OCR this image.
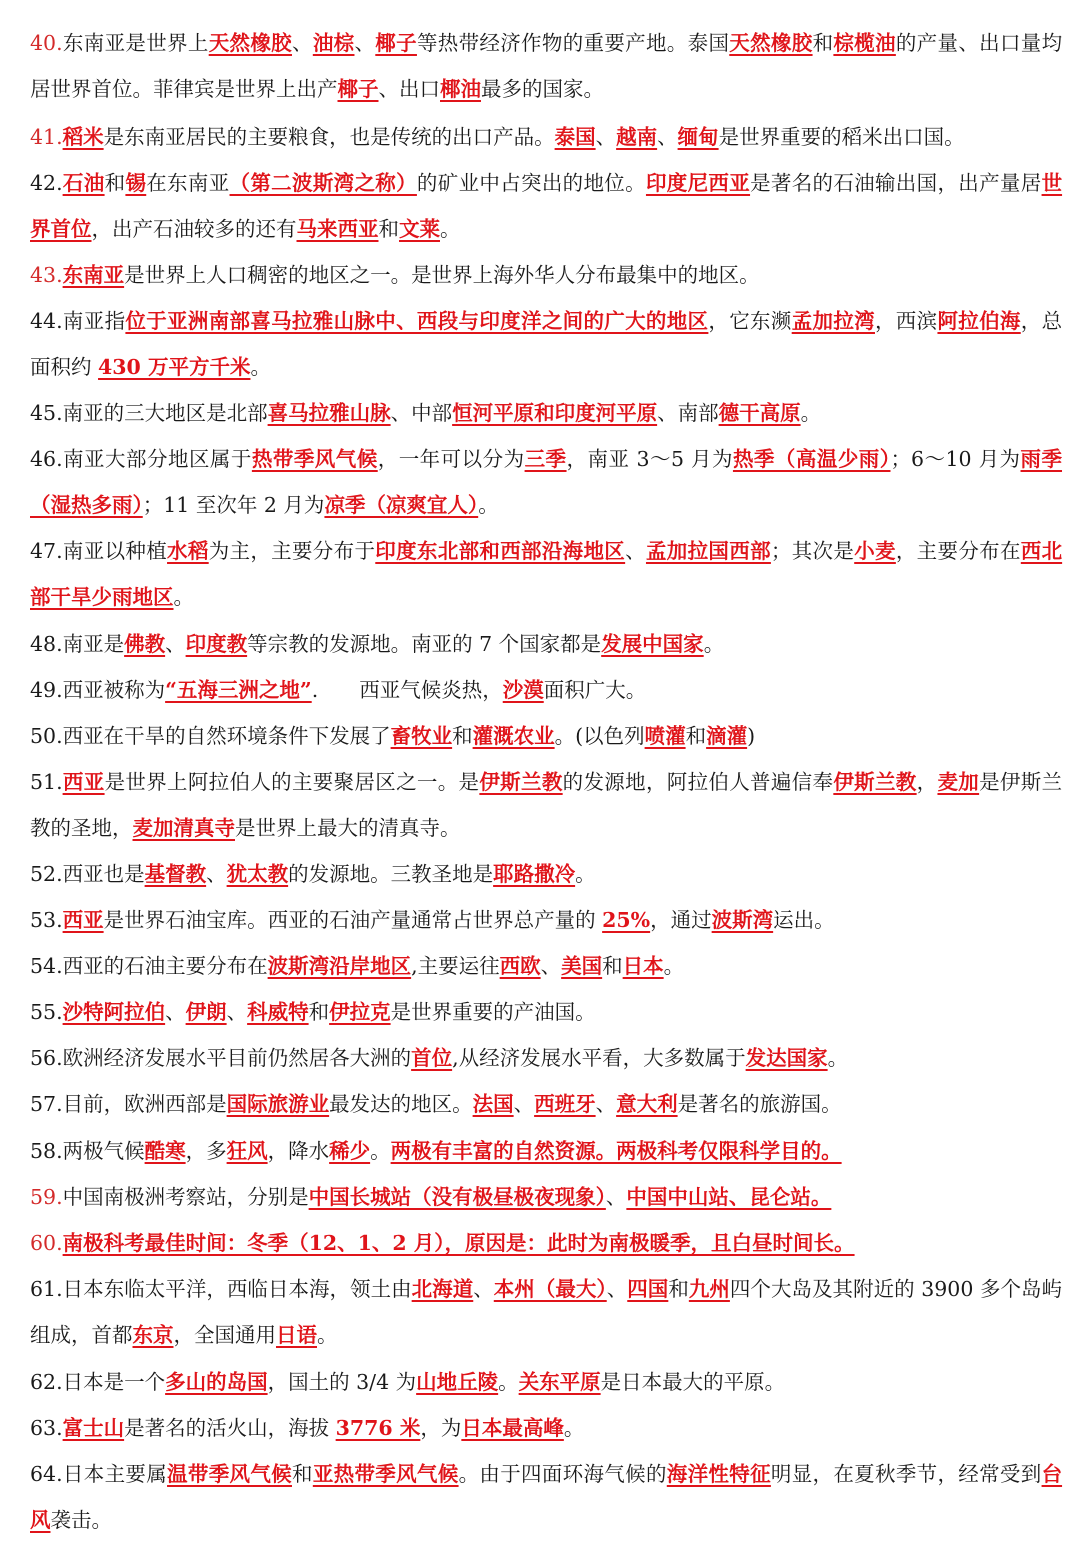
40.东南亚是世界上天然橡胶、油棕、椰子等热带经济作物的重要产地。泰国天然橡胶和棕榄油的产量、出口量均居世界首位。菲律宾是世界上出产椰子、出口椰油最多的国家。
41.稻米是东南亚居民的主要粮食，也是传统的出口产品。泰国、越南、缅甸是世界重要的稻米出口国。
42.石油和锡在东南亚（第二波斯湾之称）的矿业中占突出的地位。印度尼西亚是著名的石油输出国，出产量居世界首位，出产石油较多的还有马来西亚和文莱。
43.东南亚是世界上人口稠密的地区之一。是世界上海外华人分布最集中的地区。
44.南亚指位于亚洲南部喜马拉雅山脉中、西段与印度洋之间的广大的地区，它东濒孟加拉湾，西滨阿拉伯海，总面积约 430 万平方千米。
45.南亚的三大地区是北部喜马拉雅山脉、中部恒河平原和印度河平原、南部德干高原。
46.南亚大部分地区属于热带季风气候，一年可以分为三季，南亚 3～5 月为热季（高温少雨）；6～10 月为雨季（湿热多雨）；11 至次年 2 月为凉季（凉爽宜人）。
47.南亚以种植水稻为主，主要分布于印度东北部和西部沿海地区、孟加拉国西部；其次是小麦，主要分布在西北部干旱少雨地区。
48.南亚是佛教、印度教等宗教的发源地。南亚的 7 个国家都是发展中国家。
49.西亚被称为“五海三洲之地”.　　西亚气候炎热，沙漠面积广大。
50.西亚在干旱的自然环境条件下发展了畜牧业和灌溉农业。(以色列喷灌和滴灌)
51.西亚是世界上阿拉伯人的主要聚居区之一。是伊斯兰教的发源地，阿拉伯人普遍信奉伊斯兰教，麦加是伊斯兰教的圣地，麦加清真寺是世界上最大的清真寺。
52.西亚也是基督教、犹太教的发源地。三教圣地是耶路撒冷。
53.西亚是世界石油宝库。西亚的石油产量通常占世界总产量的 25%，通过波斯湾运出。
54.西亚的石油主要分布在波斯湾沿岸地区,主要运往西欧、美国和日本。
55.沙特阿拉伯、伊朗、科威特和伊拉克是世界重要的产油国。
56.欧洲经济发展水平目前仍然居各大洲的首位,从经济发展水平看，大多数属于发达国家。
57.目前，欧洲西部是国际旅游业最发达的地区。法国、西班牙、意大利是著名的旅游国。
58.两极气候酷寒，多狂风，降水稀少。两极有丰富的自然资源。两极科考仅限科学目的。
59.中国南极洲考察站，分别是中国长城站（没有极昼极夜现象）、中国中山站、昆仑站。
60.南极科考最佳时间：冬季（12、1、2 月），原因是：此时为南极暖季，且白昼时间长。
61.日本东临太平洋，西临日本海，领土由北海道、本州（最大）、四国和九州四个大岛及其附近的 3900 多个岛屿组成，首都东京，全国通用日语。
62.日本是一个多山的岛国，国土的 3/4 为山地丘陵。关东平原是日本最大的平原。
63.富士山是著名的活火山，海拔 3776 米，为日本最高峰。
64.日本主要属温带季风气候和亚热带季风气候。由于四面环海气候的海洋性特征明显，在夏秋季节，经常受到台风袭击。
